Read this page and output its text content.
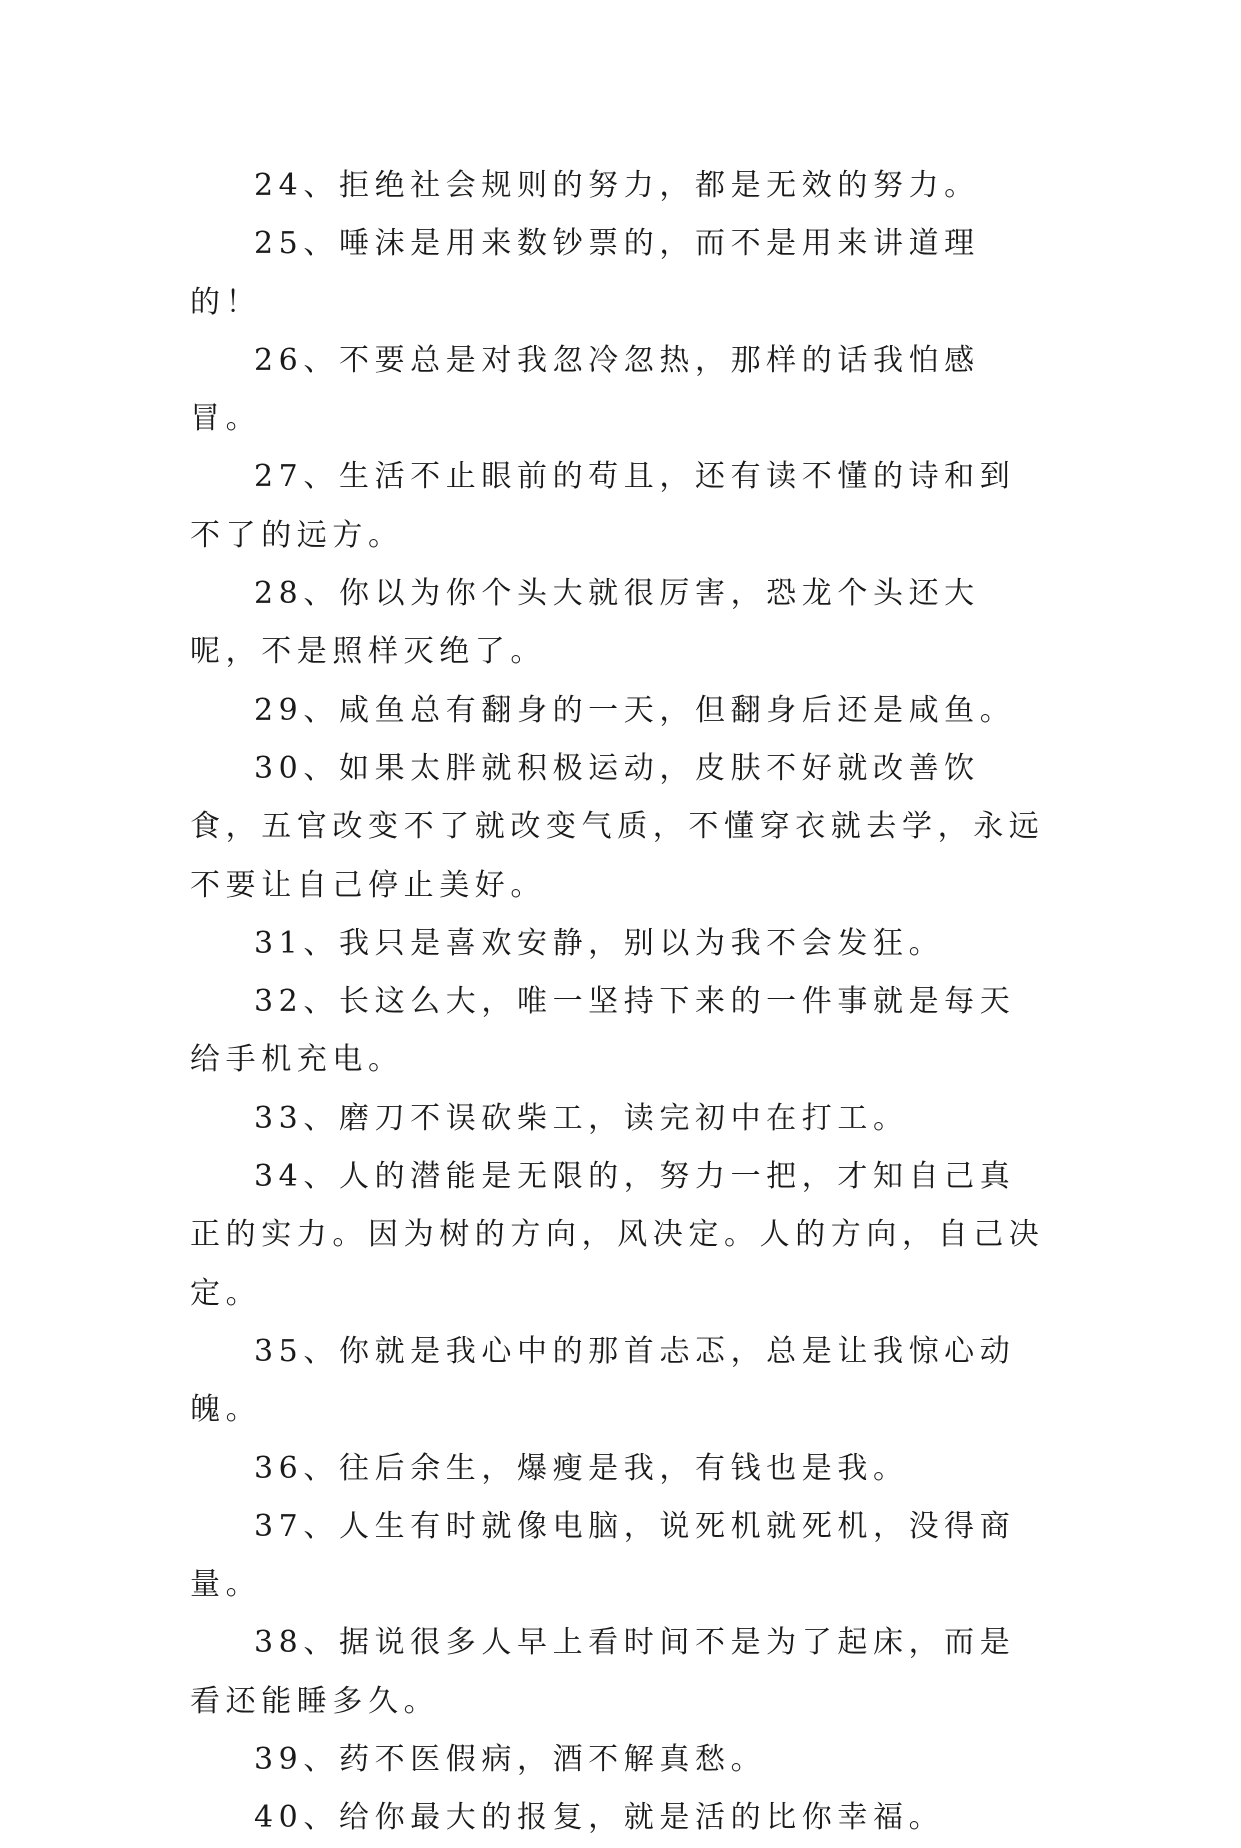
24、拒绝社会规则的努力，都是无效的努力。

25、唾沫是用来数钞票的，而不是用来讲道理的！

26、不要总是对我忽冷忽热，那样的话我怕感冒。

27、生活不止眼前的苟且，还有读不懂的诗和到不了的远方。

28、你以为你个头大就很厉害，恐龙个头还大呢，不是照样灭绝了。

29、咸鱼总有翻身的一天，但翻身后还是咸鱼。

30、如果太胖就积极运动，皮肤不好就改善饮食，五官改变不了就改变气质，不懂穿衣就去学，永远不要让自己停止美好。

31、我只是喜欢安静，别以为我不会发狂。

32、长这么大，唯一坚持下来的一件事就是每天给手机充电。

33、磨刀不误砍柴工，读完初中在打工。

34、人的潜能是无限的，努力一把，才知自己真正的实力。因为树的方向，风决定。人的方向，自己决定。

35、你就是我心中的那首忐忑，总是让我惊心动魄。

36、往后余生，爆瘦是我，有钱也是我。

37、人生有时就像电脑，说死机就死机，没得商量。

38、据说很多人早上看时间不是为了起床，而是看还能睡多久。

39、药不医假病，酒不解真愁。

40、给你最大的报复，就是活的比你幸福。
